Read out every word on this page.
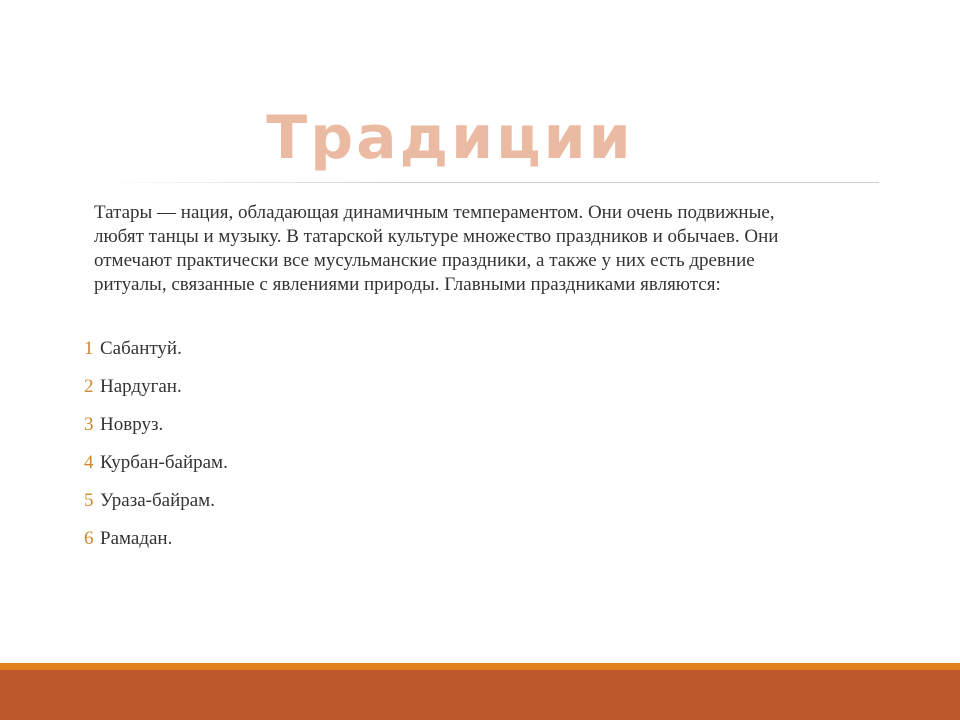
Традиции

Татары — нация, обладающая динамичным темпераментом. Они очень подвижные, любят танцы и музыку. В татарской культуре множество праздников и обычаев. Они отмечают практически все мусульманские праздники, а также у них есть древние ритуалы, связанные с явлениями природы. Главными праздниками являются:

1 Сабантуй.
2 Нардуган.
3 Новруз.
4 Курбан-байрам.
5 Ураза-байрам.
6 Рамадан.
